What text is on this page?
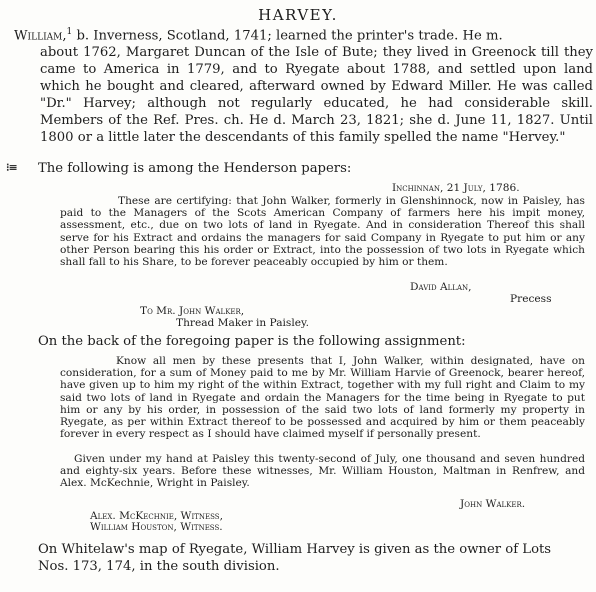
HARVEY.

William,$^1$ b. Inverness, Scotland, 1741; learned the printer's trade. He m.
about 1762, Margaret Duncan of the Isle of Bute; they lived in Greenock till they came to America in 1779, and to Ryegate about 1788, and settled upon land which he bought and cleared, afterward owned by Edward Miller. He was called "Dr." Harvey; although not regularly educated, he had considerable skill. Members of the Ref. Pres. ch. He d. March 23, 1821; she d. June 11, 1827. Until 1800 or a little later the descendants of this family spelled the name "Hervey."

⁝≡ The following is among the Henderson papers:

Inchinnan, 21 July, 1786.

These are certifying: that John Walker, formerly in Glenshinnock, now in Paisley, has paid to the Managers of the Scots American Company of farmers here his impit money, assessment, etc., due on two lots of land in Ryegate. And in consideration Thereof this shall serve for his Extract and ordains the managers for said Company in Ryegate to put him or any other Person bearing this his order or Extract, into the possession of two lots in Ryegate which shall fall to his Share, to be forever peaceably occupied by him or them.

David Allan,
Precess
To Mr. John Walker,
Thread Maker in Paisley.

On the back of the foregoing paper is the following assignment:

Know all men by these presents that I, John Walker, within designated, have on consideration, for a sum of Money paid to me by Mr. William Harvie of Greenock, bearer hereof, have given up to him my right of the within Extract, together with my full right and Claim to my said two lots of land in Ryegate and ordain the Managers for the time being in Ryegate to put him or any by his order, in possession of the said two lots of land formerly my property in Ryegate, as per within Extract thereof to be possessed and acquired by him or them peaceably forever in every respect as I should have claimed myself if personally present.

Given under my hand at Paisley this twenty-second of July, one thousand and seven hundred and eighty-six years. Before these witnesses, Mr. William Houston, Maltman in Renfrew, and Alex. McKechnie, Wright in Paisley.

John Walker.
Alex. McKechnie, Witness,
William Houston, Witness.

On Whitelaw's map of Ryegate, William Harvey is given as the owner of Lots Nos. 173, 174, in the south division.
